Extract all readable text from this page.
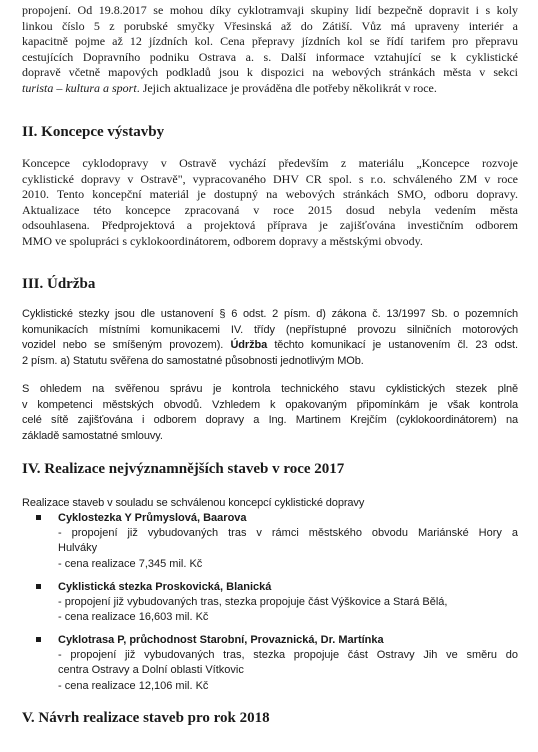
propojení. Od 19.8.2017 se mohou díky cyklotramvaji skupiny lidí bezpečně dopravit i s koly
linkou číslo 5 z porubské smyčky Vřesinská až do Zátiší. Vůz má upraveny interiér a
kapacitně pojme až 12 jízdních kol. Cena přepravy jízdních kol se řídí tarifem pro přepravu
cestujících Dopravního podniku Ostrava a. s. Další informace vztahující se k cyklistické
dopravě včetně mapových podkladů jsou k dispozici na webových stránkách města v sekci
turista – kultura a sport. Jejich aktualizace je prováděna dle potřeby několikrát v roce.
II. Koncepce výstavby
Koncepce cyklodopravy v Ostravě vychází především z materiálu „Koncepce rozvoje
cyklistické dopravy v Ostravě", vypracovaného DHV CR spol. s r.o. schváleného ZM v roce
2010. Tento koncepční materiál je dostupný na webových stránkách SMO, odboru dopravy.
Aktualizace této koncepce zpracovaná v roce 2015 dosud nebyla vedením města
odsouhlasena. Předprojektová a projektová příprava je zajišťována investičním odborem
MMO ve spolupráci s cyklokoordinátorem, odborem dopravy a městskými obvody.
III. Údržba
Cyklistické stezky jsou dle ustanovení § 6 odst. 2 písm. d) zákona č. 13/1997 Sb. o pozemních
komunikacích místními komunikacemi IV. třídy (nepřístupné provozu silničních motorových
vozidel nebo se smíšeným provozem). Údržba těchto komunikací je ustanovením čl. 23 odst.
2 písm. a) Statutu svěřena do samostatné působnosti jednotlivým MOb.
S ohledem na svěřenou správu je kontrola technického stavu cyklistických stezek plně
v kompetenci městských obvodů. Vzhledem k opakovaným připomínkám je však kontrola
celé sítě zajišťována i odborem dopravy a Ing. Martinem Krejčím (cyklokoordinátorem) na
základě samostatné smlouvy.
IV. Realizace nejvýznamnějších staveb v roce 2017
Realizace staveb v souladu se schválenou koncepcí cyklistické dopravy
Cyklostezka Y Průmyslová, Baarova
- propojení již vybudovaných tras v rámci městského obvodu Mariánské Hory a
Hulváky
- cena realizace 7,345 mil. Kč
Cyklistická stezka Proskovická, Blanická
- propojení již vybudovaných tras, stezka propojuje část Výškovice a Stará Bělá,
- cena realizace 16,603 mil. Kč
Cyklotrasa P, průchodnost Starobní, Provaznická, Dr. Martínka
- propojení již vybudovaných tras, stezka propojuje část Ostravy Jih ve směru do
centra Ostravy a Dolní oblasti Vítkovic
- cena realizace 12,106 mil. Kč
V. Návrh realizace staveb pro rok 2018
